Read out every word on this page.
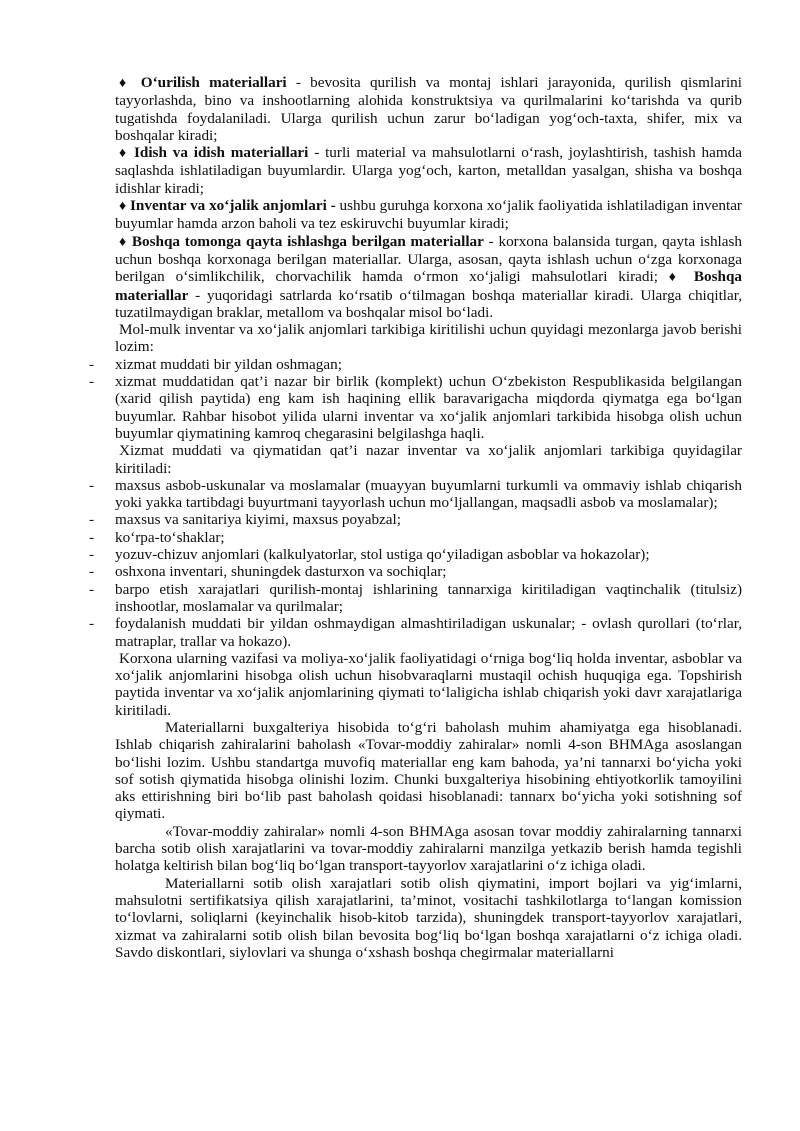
♦ O‘urilish materiallari - bevosita qurilish va montaj ishlari jarayonida, qurilish qismlarini tayyorlashda, bino va inshootlarning alohida konstruktsiya va qurilmalarini ko‘tarishda va qurib tugatishda foydalaniladi. Ularga qurilish uchun zarur bo‘ladigan yog‘och-taxta, shifer, mix va boshqalar kiradi;

♦ Idish va idish materiallari - turli material va mahsulotlarni o‘rash, joylashtirish, tashish hamda saqlashda ishlatiladigan buyumlardir. Ularga yog‘och, karton, metalldan yasalgan, shisha va boshqa idishlar kiradi;

♦ Inventar va xo‘jalik anjomlari - ushbu guruhga korxona xo‘jalik faoliyatida ishlatiladigan inventar buyumlar hamda arzon baholi va tez eskiruvchi buyumlar kiradi;

♦ Boshqa tomonga qayta ishlashga berilgan materiallar - korxona balansida turgan, qayta ishlash uchun boshqa korxonaga berilgan materiallar. Ularga, asosan, qayta ishlash uchun o‘zga korxonaga berilgan o‘simlikchilik, chorvachilik hamda o‘rmon xo‘jaligi mahsulotlari kiradi; ♦ Boshqa materiallar - yuqoridagi satrlarda ko‘rsatib o‘tilmagan boshqa materiallar kiradi. Ularga chiqitlar, tuzatilmaydigan braklar, metallom va boshqalar misol bo‘ladi.

Mol-mulk inventar va xo‘jalik anjomlari tarkibiga kiritilishi uchun quyidagi mezonlarga javob berishi lozim:

- xizmat muddati bir yildan oshmagan;

- xizmat muddatidan qat’i nazar bir birlik (komplekt) uchun O‘zbekiston Respublikasida belgilangan (xarid qilish paytida) eng kam ish haqining ellik baravarigacha miqdorda qiymatga ega bo‘lgan buyumlar. Rahbar hisobot yilida ularni inventar va xo‘jalik anjomlari tarkibida hisobga olish uchun buyumlar qiymatining kamroq chegarasini belgilashga haqli.

Xizmat muddati va qiymatidan qat’i nazar inventar va xo‘jalik anjomlari tarkibiga quyidagilar kiritiladi:

- maxsus asbob-uskunalar va moslamalar (muayyan buyumlarni turkumli va ommaviy ishlab chiqarish yoki yakka tartibdagi buyurtmani tayyorlash uchun mo‘ljallangan, maqsadli asbob va moslamalar);

- maxsus va sanitariya kiyimi, maxsus poyabzal;

- ko‘rpa-to‘shaklar;

- yozuv-chizuv anjomlari (kalkulyatorlar, stol ustiga qo‘yiladigan asboblar va hokazolar);

- oshxona inventari, shuningdek dasturxon va sochiqlar;

- barpo etish xarajatlari qurilish-montaj ishlarining tannarxiga kiritiladigan vaqtinchalik (titulsiz) inshootlar, moslamalar va qurilmalar;

- foydalanish muddati bir yildan oshmaydigan almashtiriladigan uskunalar; - ovlash qurollari (to‘rlar, matraplar, trallar va hokazo).

Korxona ularning vazifasi va moliya-xo‘jalik faoliyatidagi o‘rniga bog‘liq holda inventar, asboblar va xo‘jalik anjomlarini hisobga olish uchun hisobvaraqlarni mustaqil ochish huquqiga ega. Topshirish paytida inventar va xo‘jalik anjomlarining qiymati to‘laligicha ishlab chiqarish yoki davr xarajatlariga kiritiladi.

Materiallarni buxgalteriya hisobida to‘g‘ri baholash muhim ahamiyatga ega hisoblanadi. Ishlab chiqarish zahiralarini baholash «Tovar-moddiy zahiralar» nomli 4-son BHMAga asoslangan bo‘lishi lozim. Ushbu standartga muvofiq materiallar eng kam bahoda, ya’ni tannarxi bo‘yicha yoki sof sotish qiymatida hisobga olinishi lozim. Chunki buxgalteriya hisobining ehtiyotkorlik tamoyilini aks ettirishning biri bo‘lib past baholash qoidasi hisoblanadi: tannarx bo‘yicha yoki sotishning sof qiymati.

«Tovar-moddiy zahiralar» nomli 4-son BHMAga asosan tovar moddiy zahiralarning tannarxi barcha sotib olish xarajatlarini va tovar-moddiy zahiralarni manzilga yetkazib berish hamda tegishli holatga keltirish bilan bog‘liq bo‘lgan transport-tayyorlov xarajatlarini o‘z ichiga oladi.

Materiallarni sotib olish xarajatlari sotib olish qiymatini, import bojlari va yig‘imlarni, mahsulotni sertifikatsiya qilish xarajatlarini, ta’minot, vositachi tashkilotlarga to‘langan komission to‘lovlarni, soliqlarni (keyinchalik hisob-kitob tarzida), shuningdek transport-tayyorlov xarajatlari, xizmat va zahiralarni sotib olish bilan bevosita bog‘liq bo‘lgan boshqa xarajatlarni o‘z ichiga oladi. Savdo diskontlari, siylovlari va shunga o‘xshash boshqa chegirmalar materiallarni
